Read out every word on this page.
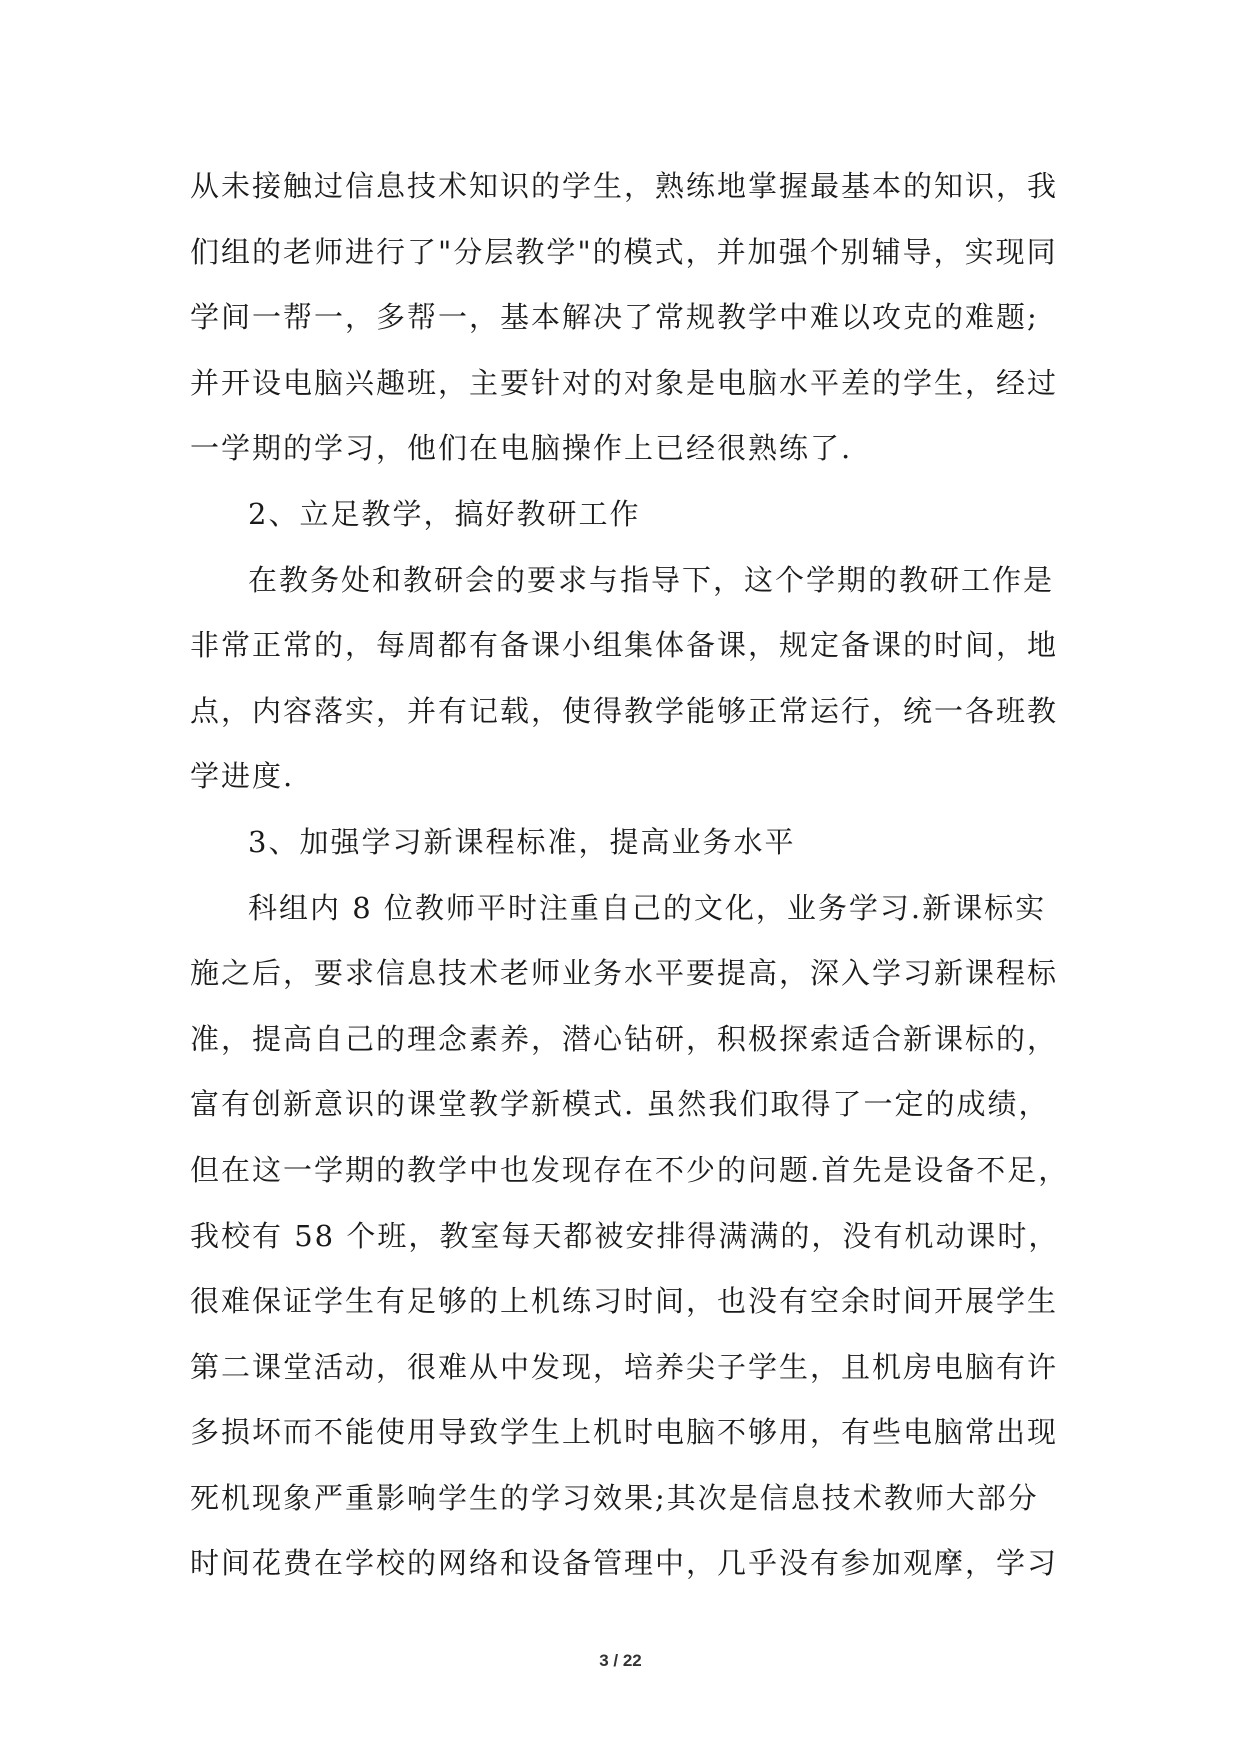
从未接触过信息技术知识的学生，熟练地掌握最基本的知识，我
们组的老师进行了"分层教学"的模式，并加强个别辅导，实现同
学间一帮一，多帮一，基本解决了常规教学中难以攻克的难题;
并开设电脑兴趣班，主要针对的对象是电脑水平差的学生，经过
一学期的学习，他们在电脑操作上已经很熟练了.
2、立足教学，搞好教研工作
在教务处和教研会的要求与指导下，这个学期的教研工作是
非常正常的，每周都有备课小组集体备课，规定备课的时间，地
点，内容落实，并有记载，使得教学能够正常运行，统一各班教
学进度.
3、加强学习新课程标准，提高业务水平
科组内 8 位教师平时注重自己的文化，业务学习.新课标实
施之后，要求信息技术老师业务水平要提高，深入学习新课程标
准，提高自己的理念素养，潜心钻研，积极探索适合新课标的，
富有创新意识的课堂教学新模式. 虽然我们取得了一定的成绩，
但在这一学期的教学中也发现存在不少的问题.首先是设备不足，
我校有 58 个班，教室每天都被安排得满满的，没有机动课时，
很难保证学生有足够的上机练习时间，也没有空余时间开展学生
第二课堂活动，很难从中发现，培养尖子学生，且机房电脑有许
多损坏而不能使用导致学生上机时电脑不够用，有些电脑常出现
死机现象严重影响学生的学习效果;其次是信息技术教师大部分
时间花费在学校的网络和设备管理中，几乎没有参加观摩，学习
3 / 22
